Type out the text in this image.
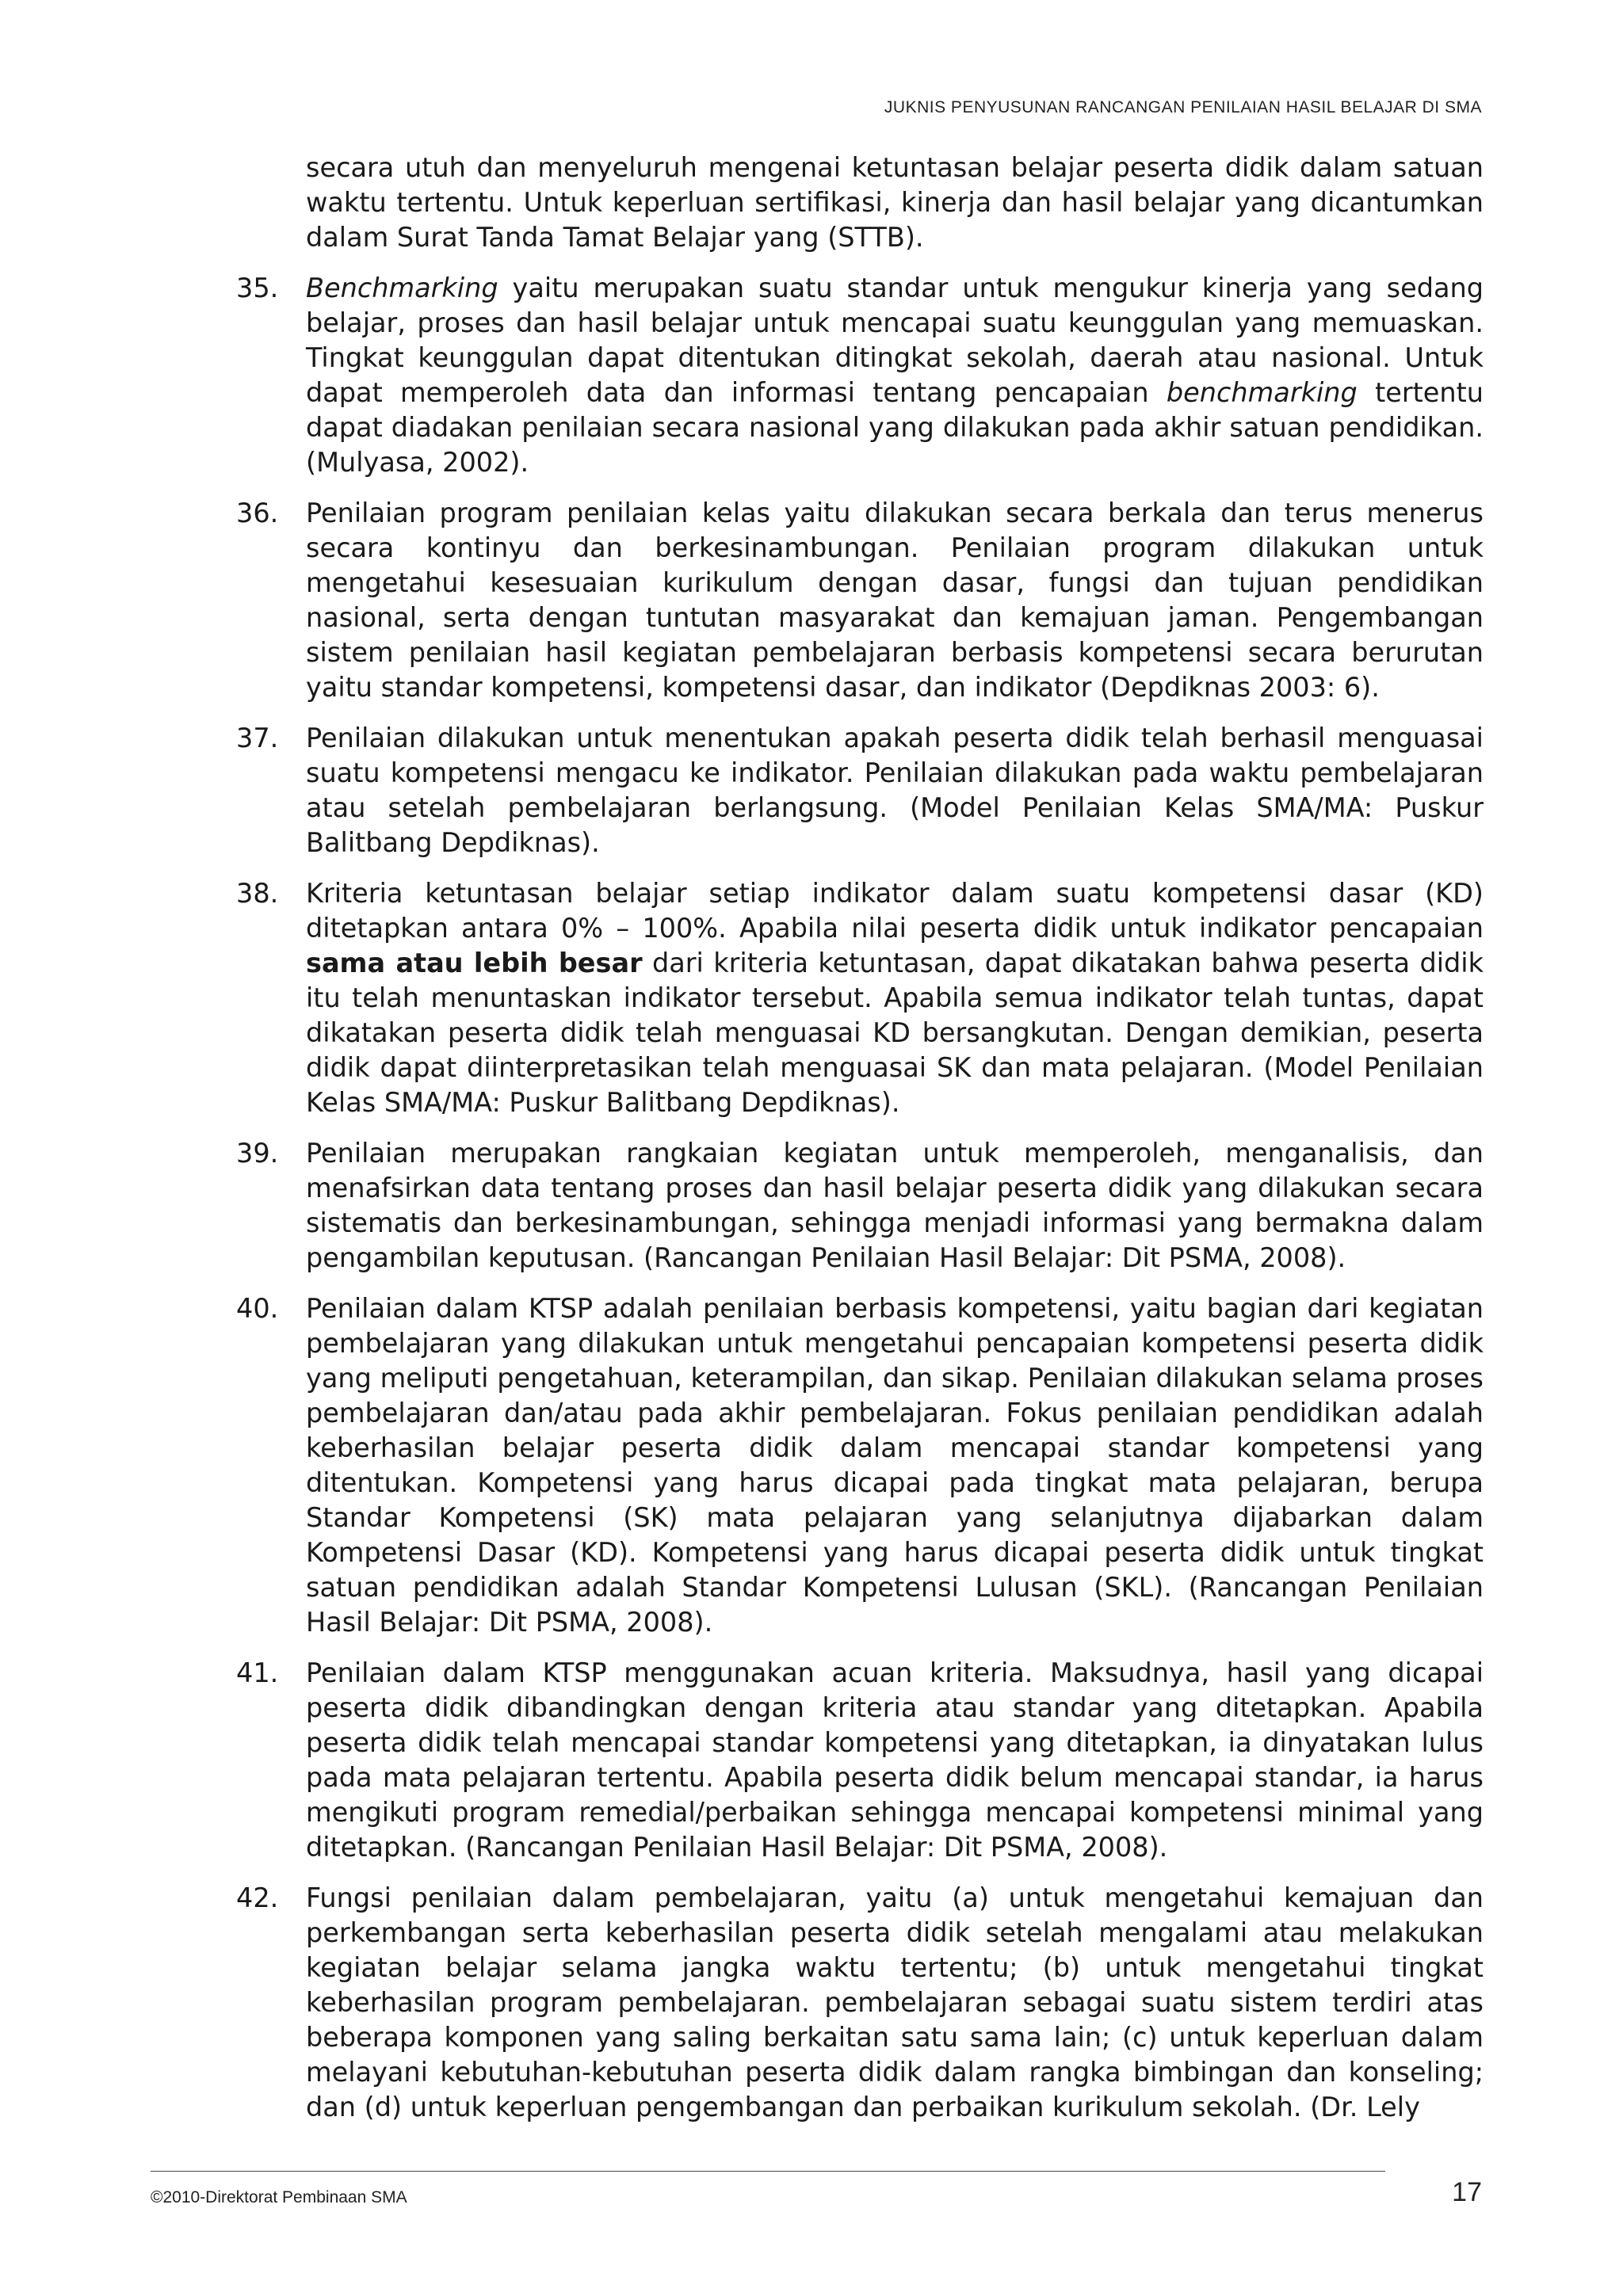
JUKNIS PENYUSUNAN RANCANGAN PENILAIAN HASIL BELAJAR DI SMA

secara utuh dan menyeluruh mengenai ketuntasan belajar peserta didik dalam satuan waktu tertentu. Untuk keperluan sertifikasi, kinerja dan hasil belajar yang dicantumkan dalam Surat Tanda Tamat Belajar yang (STTB).

35. Benchmarking yaitu merupakan suatu standar untuk mengukur kinerja yang sedang belajar, proses dan hasil belajar untuk mencapai suatu keunggulan yang memuaskan. Tingkat keunggulan dapat ditentukan ditingkat sekolah, daerah atau nasional. Untuk dapat memperoleh data dan informasi tentang pencapaian benchmarking tertentu dapat diadakan penilaian secara nasional yang dilakukan pada akhir satuan pendidikan. (Mulyasa, 2002).

36. Penilaian program penilaian kelas yaitu dilakukan secara berkala dan terus menerus secara kontinyu dan berkesinambungan. Penilaian program dilakukan untuk mengetahui kesesuaian kurikulum dengan dasar, fungsi dan tujuan pendidikan nasional, serta dengan tuntutan masyarakat dan kemajuan jaman. Pengembangan sistem penilaian hasil kegiatan pembelajaran berbasis kompetensi secara berurutan yaitu standar kompetensi, kompetensi dasar, dan indikator (Depdiknas 2003: 6).

37. Penilaian dilakukan untuk menentukan apakah peserta didik telah berhasil menguasai suatu kompetensi mengacu ke indikator. Penilaian dilakukan pada waktu pembelajaran atau setelah pembelajaran berlangsung. (Model Penilaian Kelas SMA/MA: Puskur Balitbang Depdiknas).

38. Kriteria ketuntasan belajar setiap indikator dalam suatu kompetensi dasar (KD) ditetapkan antara 0% – 100%. Apabila nilai peserta didik untuk indikator pencapaian sama atau lebih besar dari kriteria ketuntasan, dapat dikatakan bahwa peserta didik itu telah menuntaskan indikator tersebut. Apabila semua indikator telah tuntas, dapat dikatakan peserta didik telah menguasai KD bersangkutan. Dengan demikian, peserta didik dapat diinterpretasikan telah menguasai SK dan mata pelajaran. (Model Penilaian Kelas SMA/MA: Puskur Balitbang Depdiknas).

39. Penilaian merupakan rangkaian kegiatan untuk memperoleh, menganalisis, dan menafsirkan data tentang proses dan hasil belajar peserta didik yang dilakukan secara sistematis dan berkesinambungan, sehingga menjadi informasi yang bermakna dalam pengambilan keputusan. (Rancangan Penilaian Hasil Belajar: Dit PSMA, 2008).

40. Penilaian dalam KTSP adalah penilaian berbasis kompetensi, yaitu bagian dari kegiatan pembelajaran yang dilakukan untuk mengetahui pencapaian kompetensi peserta didik yang meliputi pengetahuan, keterampilan, dan sikap. Penilaian dilakukan selama proses pembelajaran dan/atau pada akhir pembelajaran. Fokus penilaian pendidikan adalah keberhasilan belajar peserta didik dalam mencapai standar kompetensi yang ditentukan. Kompetensi yang harus dicapai pada tingkat mata pelajaran, berupa Standar Kompetensi (SK) mata pelajaran yang selanjutnya dijabarkan dalam Kompetensi Dasar (KD). Kompetensi yang harus dicapai peserta didik untuk tingkat satuan pendidikan adalah Standar Kompetensi Lulusan (SKL). (Rancangan Penilaian Hasil Belajar: Dit PSMA, 2008).

41. Penilaian dalam KTSP menggunakan acuan kriteria. Maksudnya, hasil yang dicapai peserta didik dibandingkan dengan kriteria atau standar yang ditetapkan. Apabila peserta didik telah mencapai standar kompetensi yang ditetapkan, ia dinyatakan lulus pada mata pelajaran tertentu. Apabila peserta didik belum mencapai standar, ia harus mengikuti program remedial/perbaikan sehingga mencapai kompetensi minimal yang ditetapkan. (Rancangan Penilaian Hasil Belajar: Dit PSMA, 2008).

42. Fungsi penilaian dalam pembelajaran, yaitu (a) untuk mengetahui kemajuan dan perkembangan serta keberhasilan peserta didik setelah mengalami atau melakukan kegiatan belajar selama jangka waktu tertentu; (b) untuk mengetahui tingkat keberhasilan program pembelajaran. pembelajaran sebagai suatu sistem terdiri atas beberapa komponen yang saling berkaitan satu sama lain; (c) untuk keperluan dalam melayani kebutuhan-kebutuhan peserta didik dalam rangka bimbingan dan konseling; dan (d) untuk keperluan pengembangan dan perbaikan kurikulum sekolah. (Dr. Lely

©2010-Direktorat Pembinaan SMA	17
